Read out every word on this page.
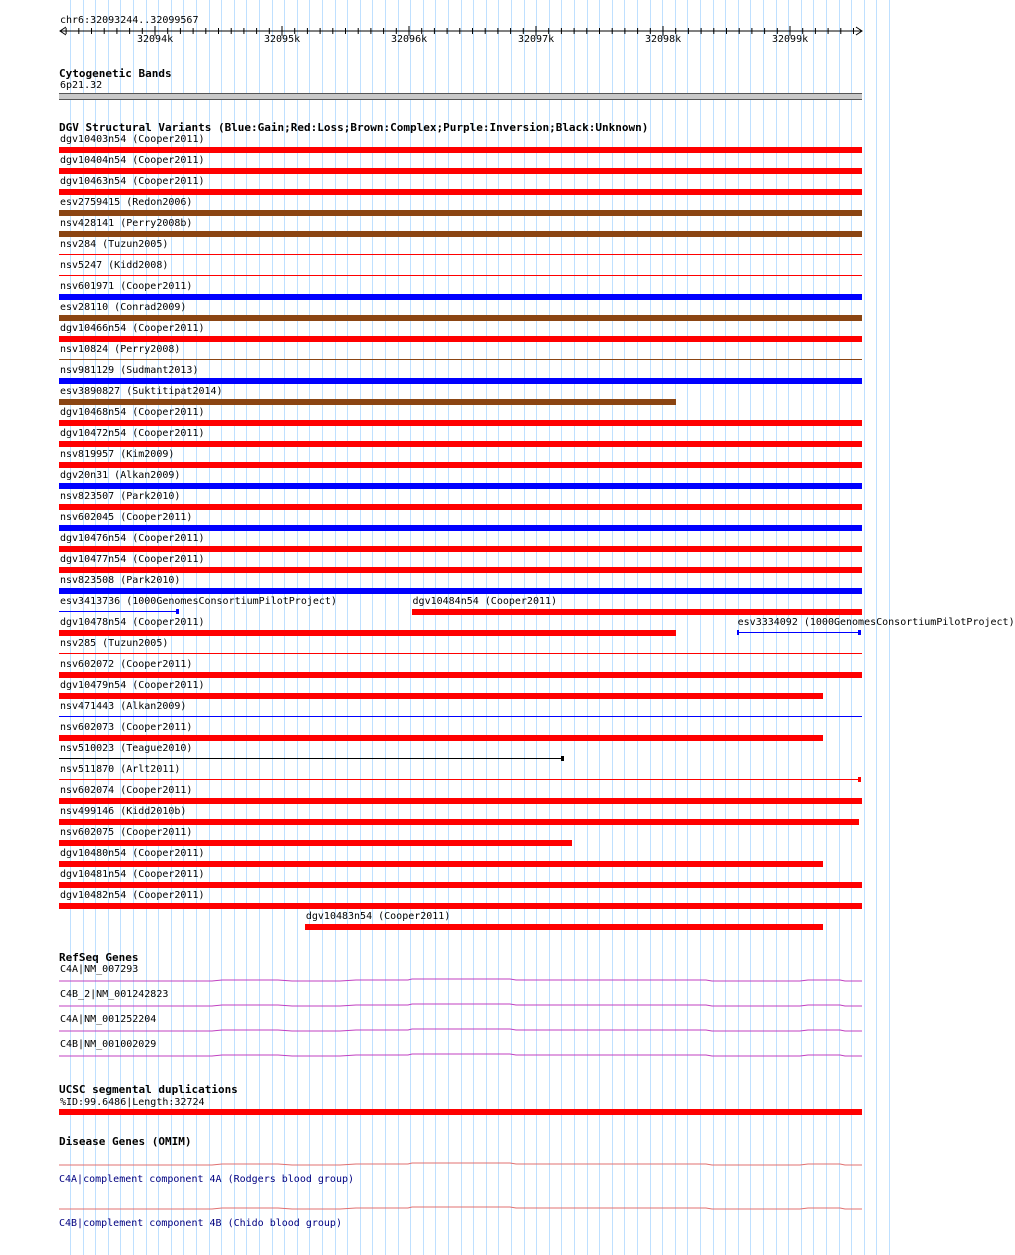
chr6:32093244..32099567
32094k	32095k	32096k	32097k	32098k	32099k
Cytogenetic Bands
6p21.32
DGV Structural Variants (Blue:Gain;Red:Loss;Brown:Complex;Purple:Inversion;Black:Unknown)
dgv10403n54 (Cooper2011)
dgv10404n54 (Cooper2011)
dgv10463n54 (Cooper2011)
esv2759415 (Redon2006)
nsv428141 (Perry2008b)
nsv284 (Tuzun2005)
nsv5247 (Kidd2008)
nsv601971 (Cooper2011)
esv28110 (Conrad2009)
dgv10466n54 (Cooper2011)
nsv10824 (Perry2008)
nsv981129 (Sudmant2013)
esv3890827 (Suktitipat2014)
dgv10468n54 (Cooper2011)
dgv10472n54 (Cooper2011)
nsv819957 (Kim2009)
dgv20n31 (Alkan2009)
nsv823507 (Park2010)
nsv602045 (Cooper2011)
dgv10476n54 (Cooper2011)
dgv10477n54 (Cooper2011)
nsv823508 (Park2010)
esv3413736 (1000GenomesConsortiumPilotProject)	dgv10484n54 (Cooper2011)
dgv10478n54 (Cooper2011)	esv3334092 (1000GenomesConsortiumPilotProject)
nsv285 (Tuzun2005)
nsv602072 (Cooper2011)
dgv10479n54 (Cooper2011)
nsv471443 (Alkan2009)
nsv602073 (Cooper2011)
nsv510023 (Teague2010)
nsv511870 (Arlt2011)
nsv602074 (Cooper2011)
nsv499146 (Kidd2010b)
nsv602075 (Cooper2011)
dgv10480n54 (Cooper2011)
dgv10481n54 (Cooper2011)
dgv10482n54 (Cooper2011)
dgv10483n54 (Cooper2011)
RefSeq Genes
C4A|NM_007293
C4B_2|NM_001242823
C4A|NM_001252204
C4B|NM_001002029
UCSC segmental duplications
%ID:99.6486|Length:32724
Disease Genes (OMIM)
C4A|complement component 4A (Rodgers blood group)
C4B|complement component 4B (Chido blood group)
